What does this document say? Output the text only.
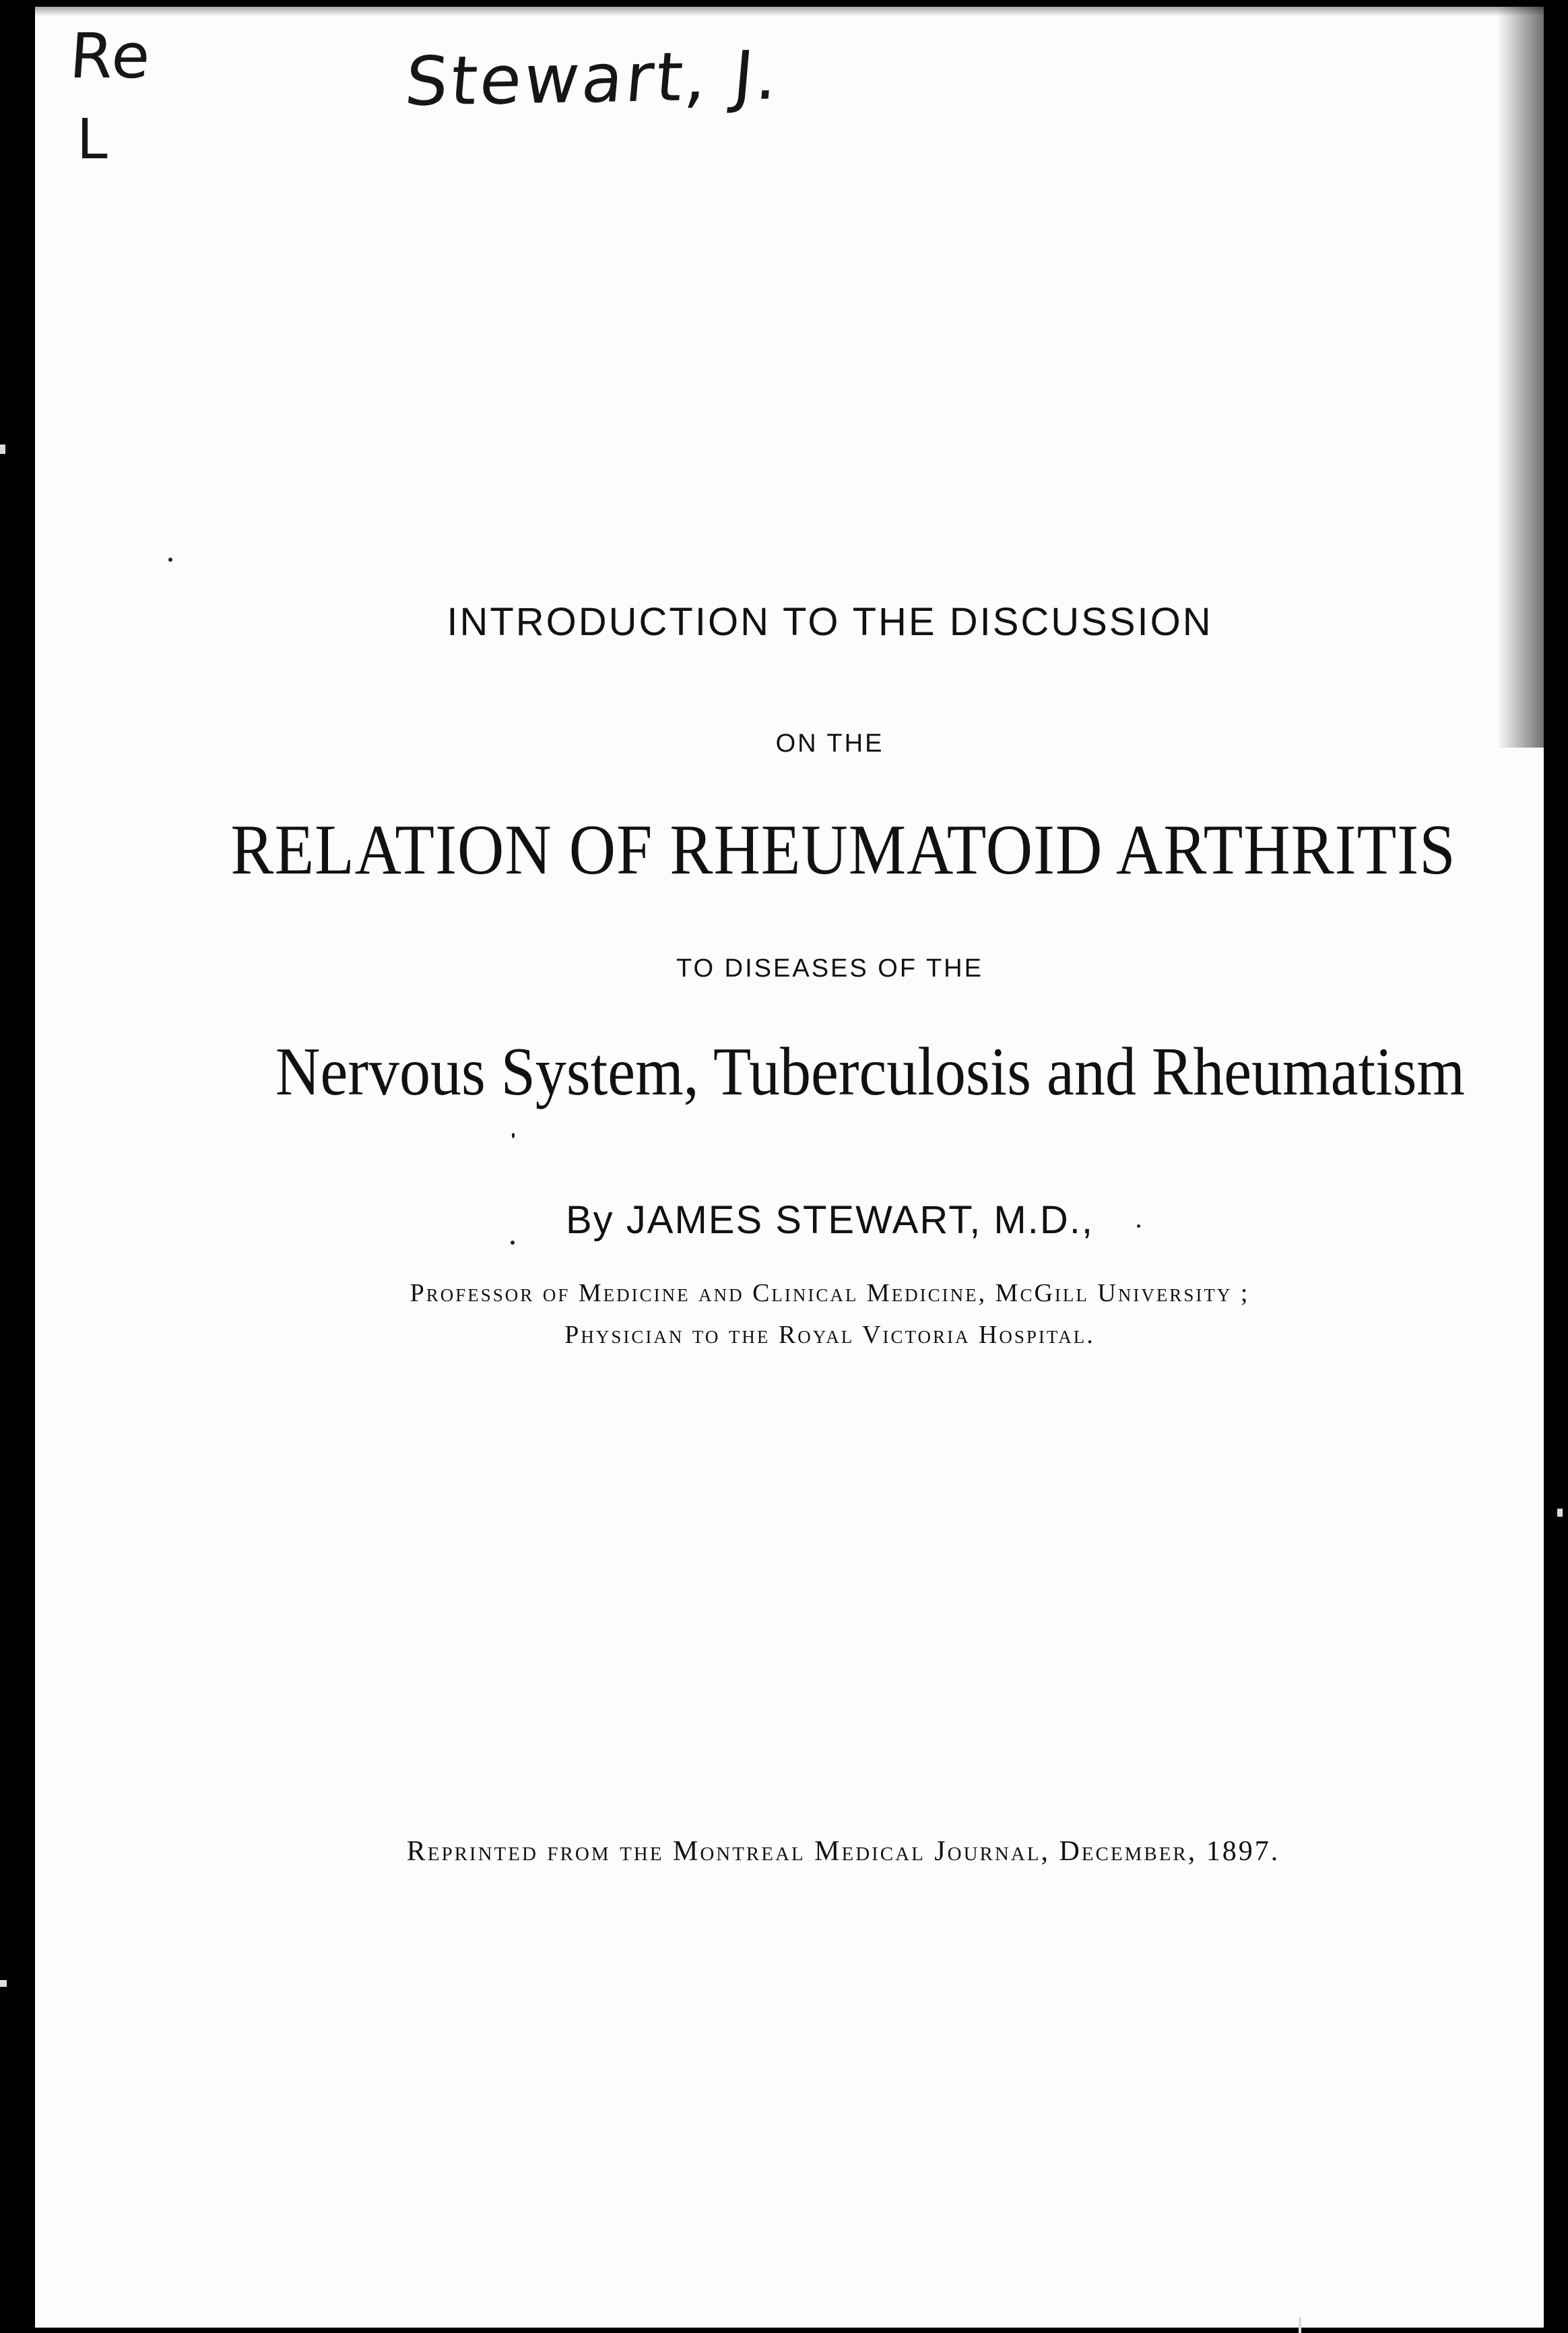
Re
L
Stewart, J.
INTRODUCTION TO THE DISCUSSION
ON THE
RELATION OF RHEUMATOID ARTHRITIS
TO DISEASES OF THE
Nervous System, Tuberculosis and Rheumatism
By JAMES STEWART, M.D.,
Professor of Medicine and Clinical Medicine, McGill University ;
Physician to the Royal Victoria Hospital.
Reprinted from the Montreal Medical Journal, December, 1897.
